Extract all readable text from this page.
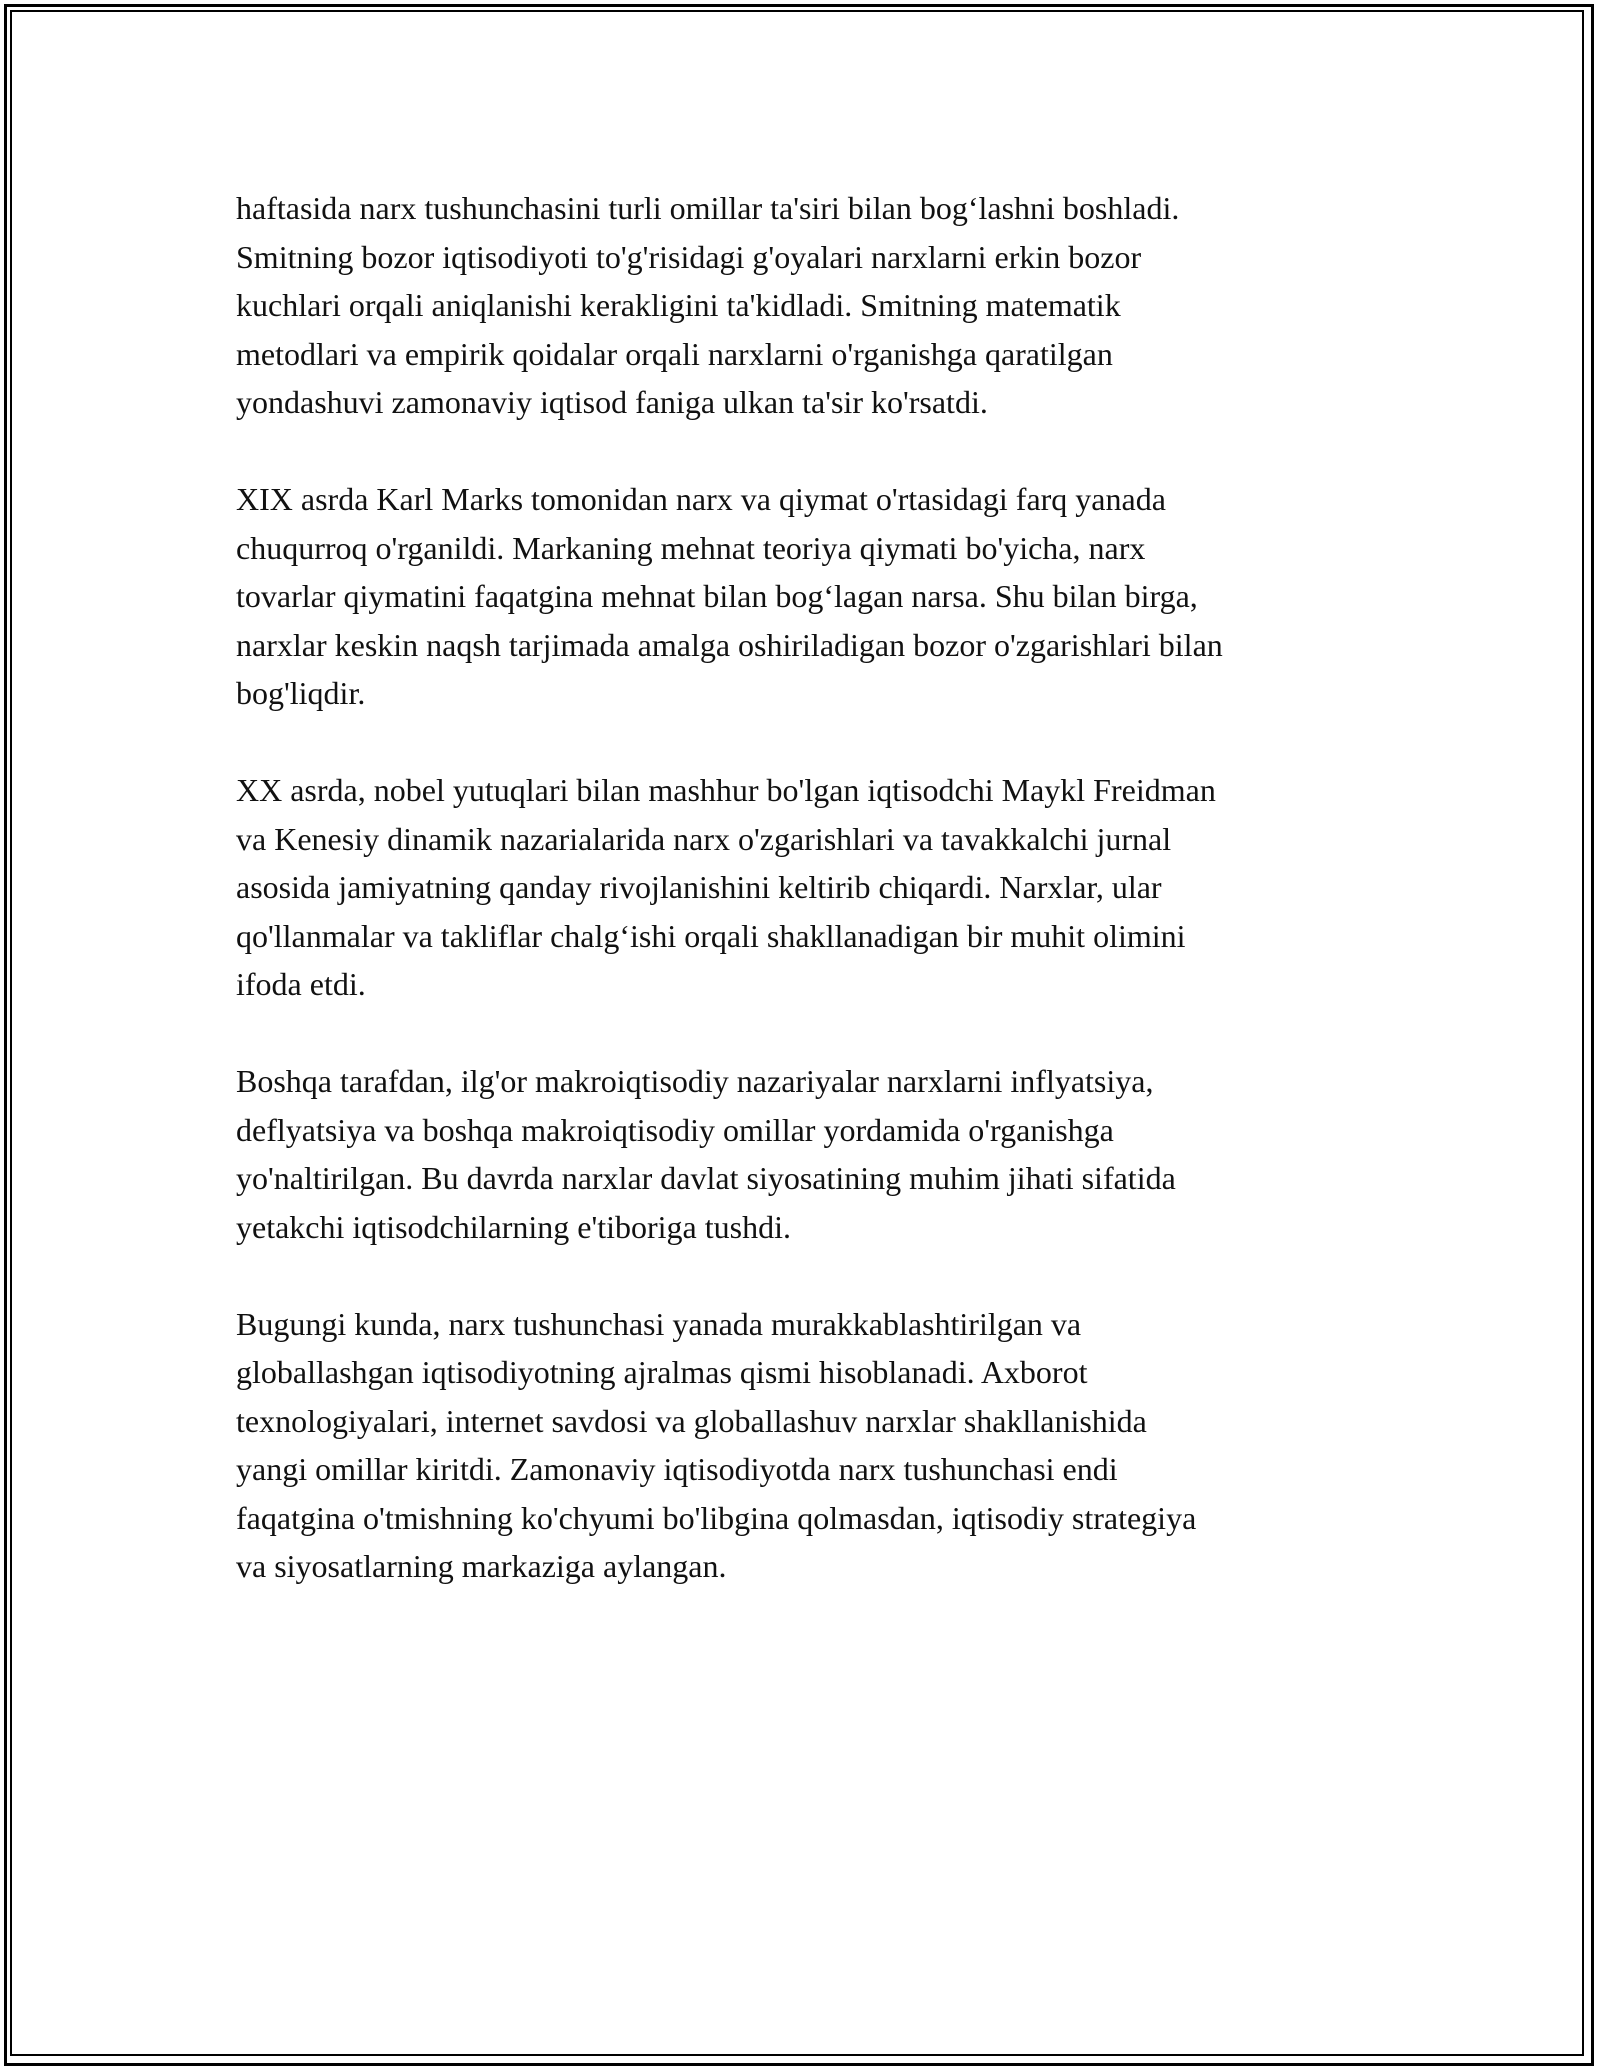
haftasida narx tushunchasini turli omillar ta'siri bilan bog‘lashni boshladi.
Smitning bozor iqtisodiyoti to'g'risidagi g'oyalari narxlarni erkin bozor
kuchlari orqali aniqlanishi kerakligini ta'kidladi. Smitning matematik
metodlari va empirik qoidalar orqali narxlarni o'rganishga qaratilgan
yondashuvi zamonaviy iqtisod faniga ulkan ta'sir ko'rsatdi.

XIX asrda Karl Marks tomonidan narx va qiymat o'rtasidagi farq yanada
chuqurroq o'rganildi. Markaning mehnat teoriya qiymati bo'yicha, narx
tovarlar qiymatini faqatgina mehnat bilan bog‘lagan narsa. Shu bilan birga,
narxlar keskin naqsh tarjimada amalga oshiriladigan bozor o'zgarishlari bilan
bog'liqdir.

XX asrda, nobel yutuqlari bilan mashhur bo'lgan iqtisodchi Maykl Freidman
va Kenesiy dinamik nazarialarida narx o'zgarishlari va tavakkalchi jurnal
asosida jamiyatning qanday rivojlanishini keltirib chiqardi. Narxlar, ular
qo'llanmalar va takliflar chalg‘ishi orqali shakllanadigan bir muhit olimini
ifoda etdi.

Boshqa tarafdan, ilg'or makroiqtisodiy nazariyalar narxlarni inflyatsiya,
deflyatsiya va boshqa makroiqtisodiy omillar yordamida o'rganishga
yo'naltirilgan. Bu davrda narxlar davlat siyosatining muhim jihati sifatida
yetakchi iqtisodchilarning e'tiboriga tushdi.

Bugungi kunda, narx tushunchasi yanada murakkablashtirilgan va
globallashgan iqtisodiyotning ajralmas qismi hisoblanadi. Axborot
texnologiyalari, internet savdosi va globallashuv narxlar shakllanishida
yangi omillar kiritdi. Zamonaviy iqtisodiyotda narx tushunchasi endi
faqatgina o'tmishning ko'chyumi bo'libgina qolmasdan, iqtisodiy strategiya
va siyosatlarning markaziga aylangan.
